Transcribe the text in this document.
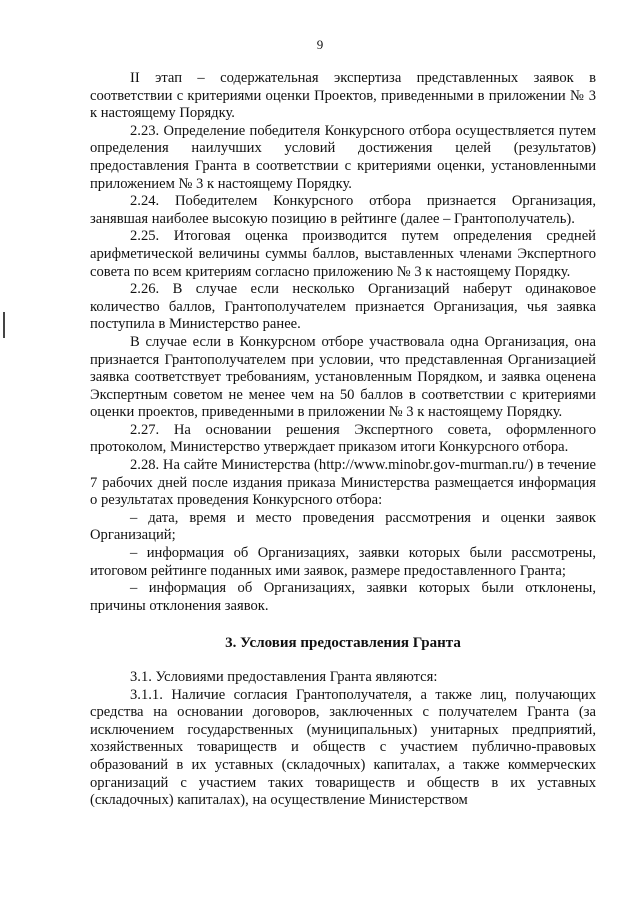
9

II этап – содержательная экспертиза представленных заявок в соответствии с критериями оценки Проектов, приведенными в приложении № 3 к настоящему Порядку.

2.23. Определение победителя Конкурсного отбора осуществляется путем определения наилучших условий достижения целей (результатов) предоставления Гранта в соответствии с критериями оценки, установленными приложением № 3 к настоящему Порядку.

2.24. Победителем Конкурсного отбора признается Организация, занявшая наиболее высокую позицию в рейтинге (далее – Грантополучатель).

2.25. Итоговая оценка производится путем определения средней арифметической величины суммы баллов, выставленных членами Экспертного совета по всем критериям согласно приложению № 3 к настоящему Порядку.

2.26. В случае если несколько Организаций наберут одинаковое количество баллов, Грантополучателем признается Организация, чья заявка поступила в Министерство ранее.

В случае если в Конкурсном отборе участвовала одна Организация, она признается Грантополучателем при условии, что представленная Организацией заявка соответствует требованиям, установленным Порядком, и заявка оценена Экспертным советом не менее чем на 50 баллов в соответствии с критериями оценки проектов, приведенными в приложении № 3 к настоящему Порядку.

2.27. На основании решения Экспертного совета, оформленного протоколом, Министерство утверждает приказом итоги Конкурсного отбора.

2.28. На сайте Министерства (http://www.minobr.gov-murman.ru/) в течение 7 рабочих дней после издания приказа Министерства размещается информация о результатах проведения Конкурсного отбора:

– дата, время и место проведения рассмотрения и оценки заявок Организаций;

– информация об Организациях, заявки которых были рассмотрены, итоговом рейтинге поданных ими заявок, размере предоставленного Гранта;

– информация об Организациях, заявки которых были отклонены, причины отклонения заявок.

3. Условия предоставления Гранта

3.1. Условиями предоставления Гранта являются:

3.1.1. Наличие согласия Грантополучателя, а также лиц, получающих средства на основании договоров, заключенных с получателем Гранта (за исключением государственных (муниципальных) унитарных предприятий, хозяйственных товариществ и обществ с участием публично-правовых образований в их уставных (складочных) капиталах, а также коммерческих организаций с участием таких товариществ и обществ в их уставных (складочных) капиталах), на осуществление Министерством
